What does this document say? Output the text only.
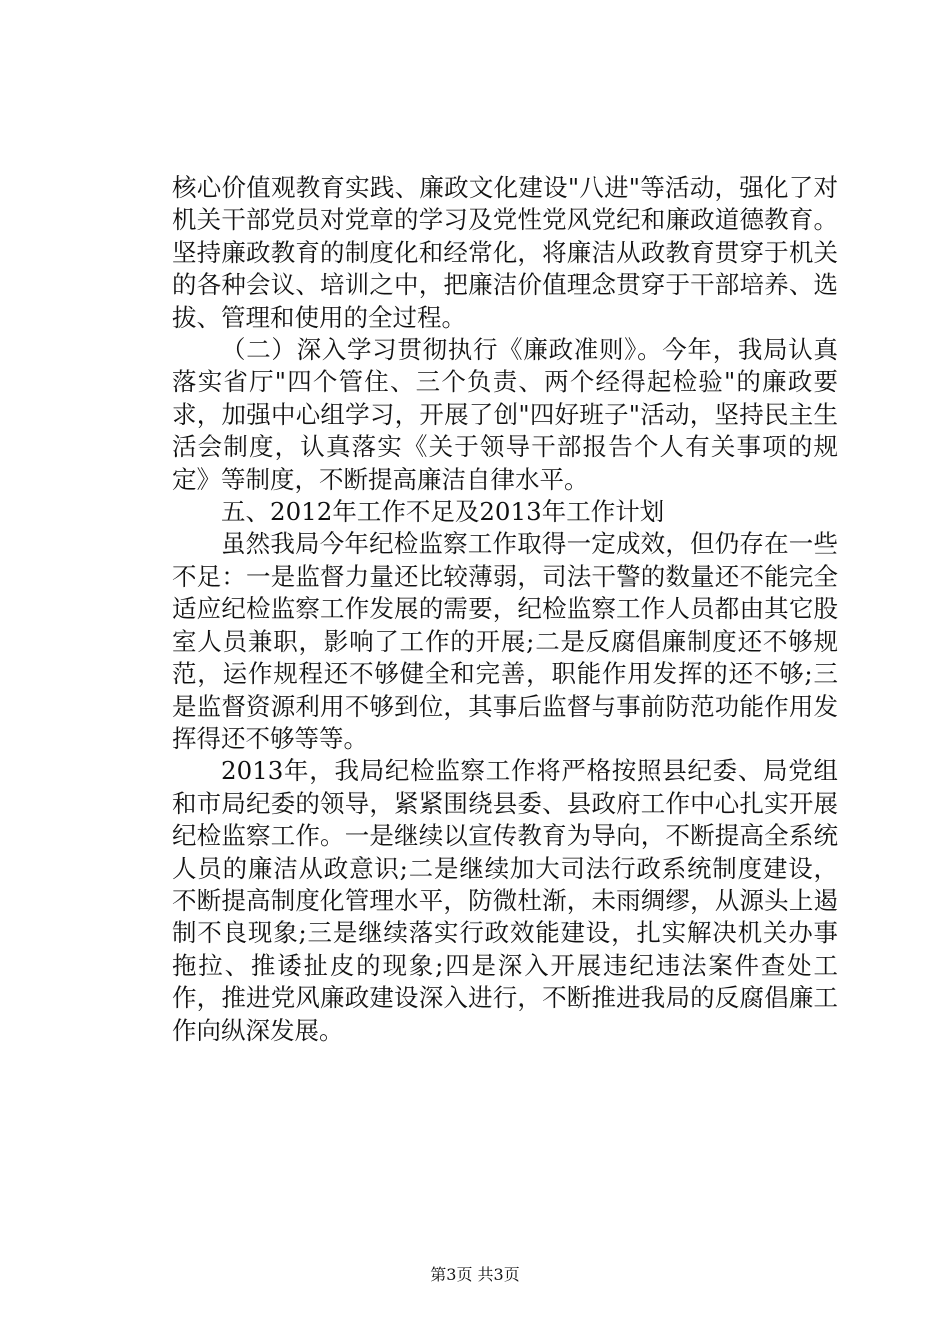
核心价值观教育实践、廉政文化建设"八进"等活动，强化了对机关干部党员对党章的学习及党性党风党纪和廉政道德教育。坚持廉政教育的制度化和经常化，将廉洁从政教育贯穿于机关的各种会议、培训之中，把廉洁价值理念贯穿于干部培养、选拔、管理和使用的全过程。

（二）深入学习贯彻执行《廉政准则》。今年，我局认真落实省厅"四个管住、三个负责、两个经得起检验"的廉政要求，加强中心组学习，开展了创"四好班子"活动，坚持民主生活会制度，认真落实《关于领导干部报告个人有关事项的规定》等制度，不断提高廉洁自律水平。

五、2012年工作不足及2013年工作计划

虽然我局今年纪检监察工作取得一定成效，但仍存在一些不足：一是监督力量还比较薄弱，司法干警的数量还不能完全适应纪检监察工作发展的需要，纪检监察工作人员都由其它股室人员兼职，影响了工作的开展;二是反腐倡廉制度还不够规范，运作规程还不够健全和完善，职能作用发挥的还不够;三是监督资源利用不够到位，其事后监督与事前防范功能作用发挥得还不够等等。

2013年，我局纪检监察工作将严格按照县纪委、局党组和市局纪委的领导，紧紧围绕县委、县政府工作中心扎实开展纪检监察工作。一是继续以宣传教育为导向，不断提高全系统人员的廉洁从政意识;二是继续加大司法行政系统制度建设，不断提高制度化管理水平，防微杜渐，未雨绸缪，从源头上遏制不良现象;三是继续落实行政效能建设，扎实解决机关办事拖拉、推诿扯皮的现象;四是深入开展违纪违法案件查处工作，推进党风廉政建设深入进行，不断推进我局的反腐倡廉工作向纵深发展。

第3页 共3页
